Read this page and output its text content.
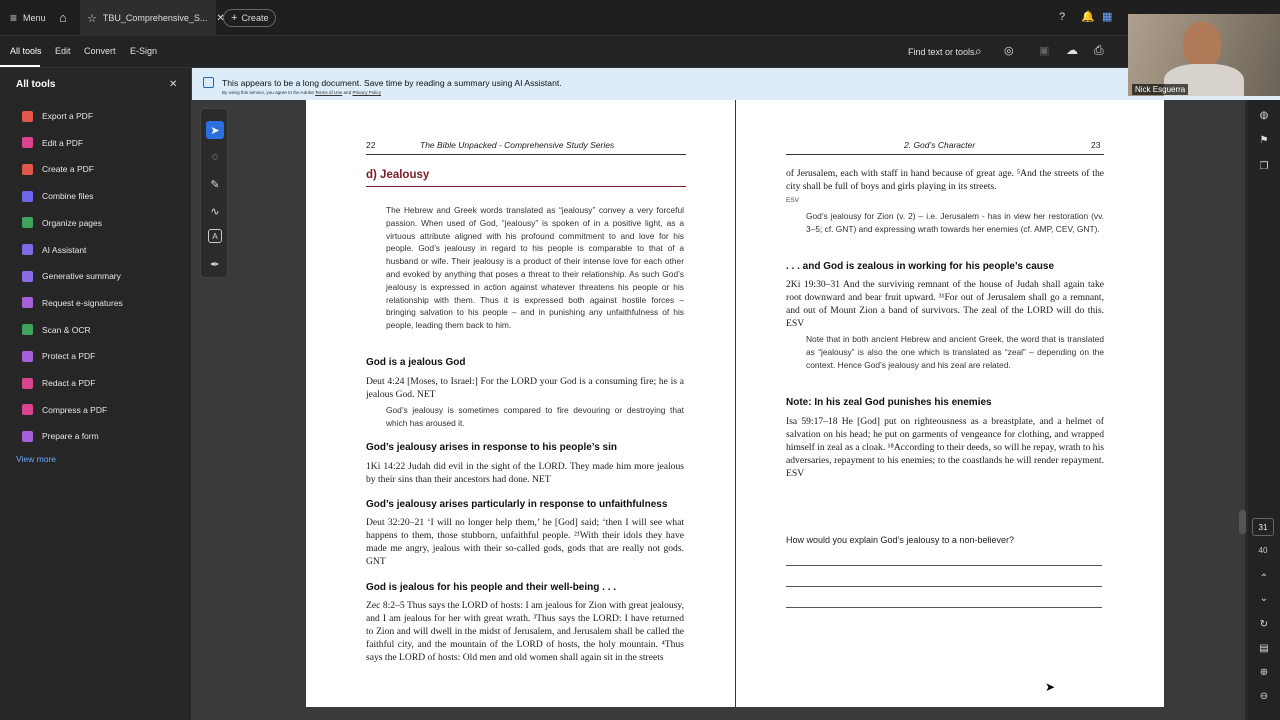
≡ Menu ⌂ ☆ TBU_Comprehensive_S... ✕ + Create	? 🔔 ▦
All tools Edit Convert E-Sign	Find text or tools ⌕ ◎ ▣ ☁ ⎙
All tools	✕
Export a PDF
Edit a PDF
Create a PDF
Combine files
Organize pages
AI Assistant
Generative summary
Request e-signatures
Scan & OCR
Protect a PDF
Redact a PDF
Compress a PDF
Prepare a form
View more
This appears to be a long document. Save time by reading a summary using AI Assistant.
By using this service, you agree to the Adobe Terms of Use and Privacy Policy
22	The Bible Unpacked - Comprehensive Study Series
d) Jealousy
The Hebrew and Greek words translated as “jealousy” convey a very forceful passion. When used of God, “jealousy” is spoken of in a positive light, as a virtuous attribute aligned with his profound commitment to and love for his people. God’s jealousy in regard to his people is comparable to that of a husband or wife. Their jealousy is a product of their intense love for each other and evoked by anything that poses a threat to their relationship. As such God’s jealousy is expressed in action against whatever threatens his people or his relationship with them. Thus it is expressed both against hostile forces – bringing salvation to his people – and in punishing any unfaithfulness of his people, leading them back to him.
God is a jealous God
Deut 4:24 [Moses, to Israel:] For the LORD your God is a consuming fire; he is a jealous God. NET
God’s jealousy is sometimes compared to fire devouring or destroying that which has aroused it.
God’s jealousy arises in response to his people’s sin
1Ki 14:22 Judah did evil in the sight of the LORD. They made him more jealous by their sins than their ancestors had done. NET
God’s jealousy arises particularly in response to unfaithfulness
Deut 32:20–21 ‘I will no longer help them,’ he [God] said; ‘then I will see what happens to them, those stubborn, unfaithful people. ²¹With their idols they have made me angry, jealous with their so-called gods, gods that are really not gods. GNT
God is jealous for his people and their well-being . . .
Zec 8:2–5 Thus says the LORD of hosts: I am jealous for Zion with great jealousy, and I am jealous for her with great wrath. ³Thus says the LORD: I have returned to Zion and will dwell in the midst of Jerusalem, and Jerusalem shall be called the faithful city, and the mountain of the LORD of hosts, the holy mountain. ⁴Thus says the LORD of hosts: Old men and old women shall again sit in the streets
2. God’s Character	23
of Jerusalem, each with staff in hand because of great age. ⁵And the streets of the city shall be full of boys and girls playing in its streets.
ESV
God’s jealousy for Zion (v. 2) – i.e. Jerusalem - has in view her restoration (vv. 3–5; cf. GNT) and expressing wrath towards her enemies (cf. AMP, CEV, GNT).
. . . and God is zealous in working for his people’s cause
2Ki 19:30–31 And the surviving remnant of the house of Judah shall again take root downward and bear fruit upward. ³¹For out of Jerusalem shall go a remnant, and out of Mount Zion a band of survivors. The zeal of the LORD will do this. ESV
Note that in both ancient Hebrew and ancient Greek, the word that is translated as “jealousy” is also the one which is translated as “zeal” – depending on the context. Hence God’s jealousy and his zeal are related.
Note: In his zeal God punishes his enemies
Isa 59:17–18 He [God] put on righteousness as a breastplate, and a helmet of salvation on his head; he put on garments of vengeance for clothing, and wrapped himself in zeal as a cloak. ¹⁸According to their deeds, so will he repay, wrath to his adversaries, repayment to his enemies; to the coastlands he will render repayment. ESV
How would you explain God’s jealousy to a non-believer?
➤
◌
✎
∿
A
✒
◍
⚑
❐
31
40
⌃
⌄
↻
▤
⊕
⊖
Nick Esguerra
➤
